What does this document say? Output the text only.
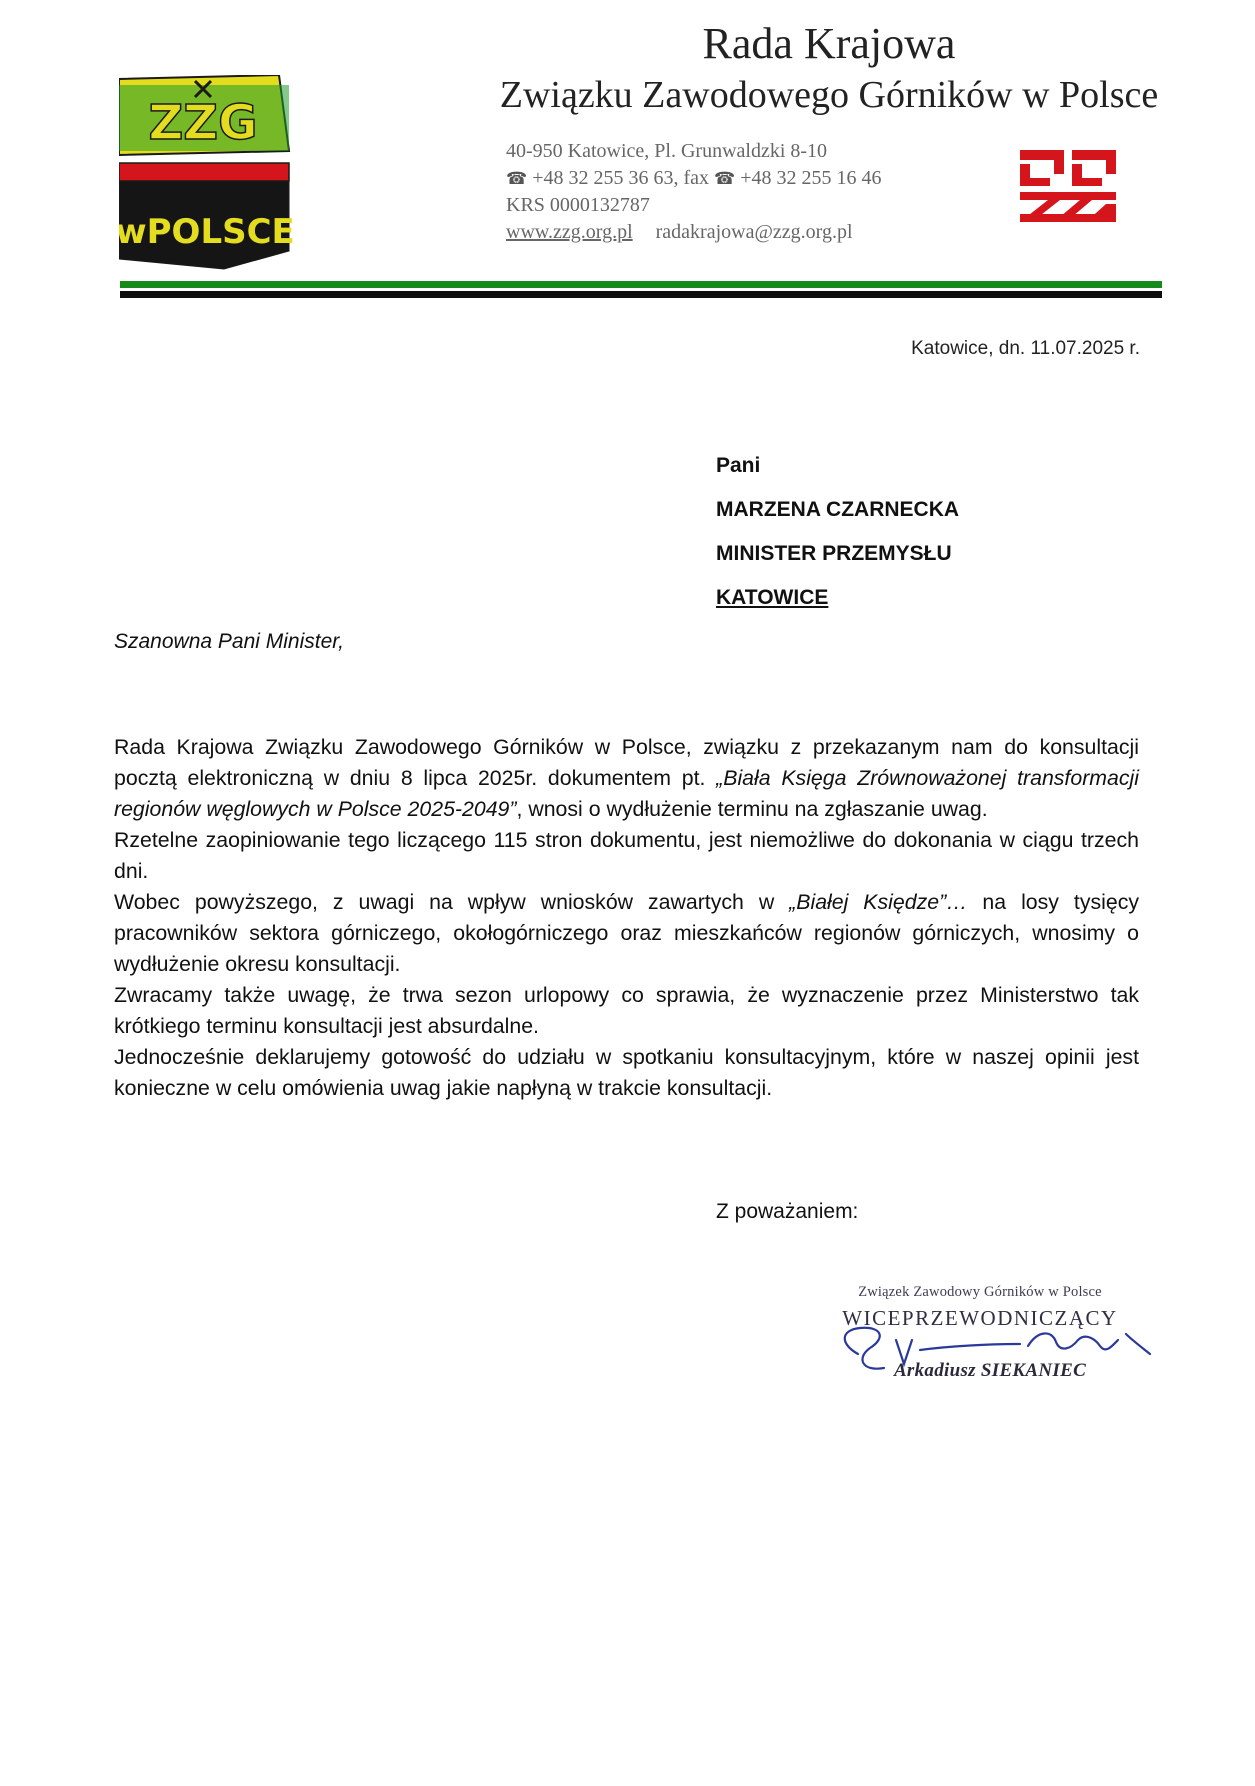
ZZG
wPOLSCE
Rada Krajowa
Związku Zawodowego Górników w Polsce
40-950 Katowice, Pl. Grunwaldzki 8-10
☎ +48 32 255 36 63, fax ☎ +48 32 255 16 46
KRS 0000132787
www.zzg.org.pl radakrajowa@zzg.org.pl
Katowice, dn. 11.07.2025 r.
Pani
MARZENA CZARNECKA
MINISTER PRZEMYSŁU
KATOWICE
Szanowna Pani Minister,

Rada Krajowa Związku Zawodowego Górników w Polsce, związku z przekazanym nam do konsultacji pocztą elektroniczną w dniu 8 lipca 2025r. dokumentem pt. „Biała Księga Zrównoważonej transformacji regionów węglowych w Polsce 2025-2049”, wnosi o wydłużenie terminu na zgłaszanie uwag.

Rzetelne zaopiniowanie tego liczącego 115 stron dokumentu, jest niemożliwe do dokonania w ciągu trzech dni.

Wobec powyższego, z uwagi na wpływ wniosków zawartych w „Białej Księdze”… na losy tysięcy pracowników sektora górniczego, okołogórniczego oraz mieszkańców regionów górniczych, wnosimy o wydłużenie okresu konsultacji.

Zwracamy także uwagę, że trwa sezon urlopowy co sprawia, że wyznaczenie przez Ministerstwo tak krótkiego terminu konsultacji jest absurdalne.

Jednocześnie deklarujemy gotowość do udziału w spotkaniu konsultacyjnym, które w naszej opinii jest konieczne w celu omówienia uwag jakie napłyną w trakcie konsultacji.

Z poważaniem:
Związek Zawodowy Górników w Polsce
WICEPRZEWODNICZĄCY
Arkadiusz SIEKANIEC
